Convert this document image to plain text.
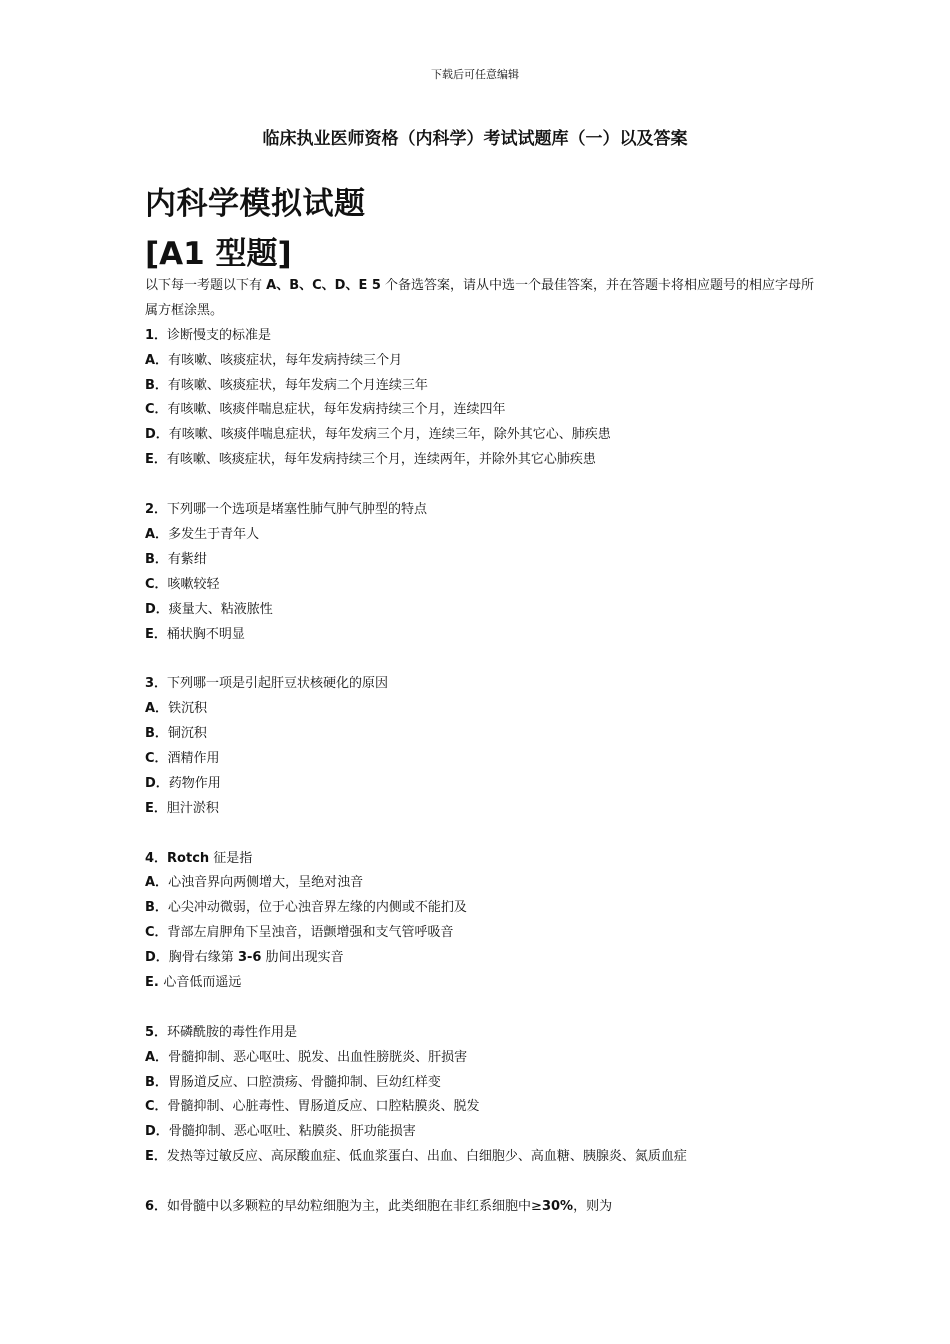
下载后可任意编辑
临床执业医师资格（内科学）考试试题库（一）以及答案
内科学模拟试题
[A1 型题]
以下每一考题以下有 A、B、C、D、E 5 个备选答案，请从中选一个最佳答案，并在答题卡将相应题号的相应字母所属方框涂黑。
1．诊断慢支的标准是
A．有咳嗽、咳痰症状，每年发病持续三个月
B．有咳嗽、咳痰症状，每年发病二个月连续三年
C．有咳嗽、咳痰伴喘息症状，每年发病持续三个月，连续四年
D．有咳嗽、咳痰伴喘息症状，每年发病三个月，连续三年，除外其它心、肺疾患
E．有咳嗽、咳痰症状，每年发病持续三个月，连续两年，并除外其它心肺疾患
2．下列哪一个选项是堵塞性肺气肿气肿型的特点
A．多发生于青年人
B．有紫绀
C．咳嗽较轻
D．痰量大、粘液脓性
E．桶状胸不明显
3．下列哪一项是引起肝豆状核硬化的原因
A．铁沉积
B．铜沉积
C．酒精作用
D．药物作用
E．胆汁淤积
4．Rotch 征是指
A．心浊音界向两侧增大，呈绝对浊音
B．心尖冲动微弱，位于心浊音界左缘的内侧或不能扪及
C．背部左肩胛角下呈浊音，语颤增强和支气管呼吸音
D．胸骨右缘第 3-6 肋间出现实音
E. 心音低而遥远
5．环磷酰胺的毒性作用是
A．骨髓抑制、恶心呕吐、脱发、出血性膀胱炎、肝损害
B．胃肠道反应、口腔溃疡、骨髓抑制、巨幼红样变
C．骨髓抑制、心脏毒性、胃肠道反应、口腔粘膜炎、脱发
D．骨髓抑制、恶心呕吐、粘膜炎、肝功能损害
E．发热等过敏反应、高尿酸血症、低血浆蛋白、出血、白细胞少、高血糖、胰腺炎、氮质血症
6．如骨髓中以多颗粒的早幼粒细胞为主，此类细胞在非红系细胞中≥30%，则为
